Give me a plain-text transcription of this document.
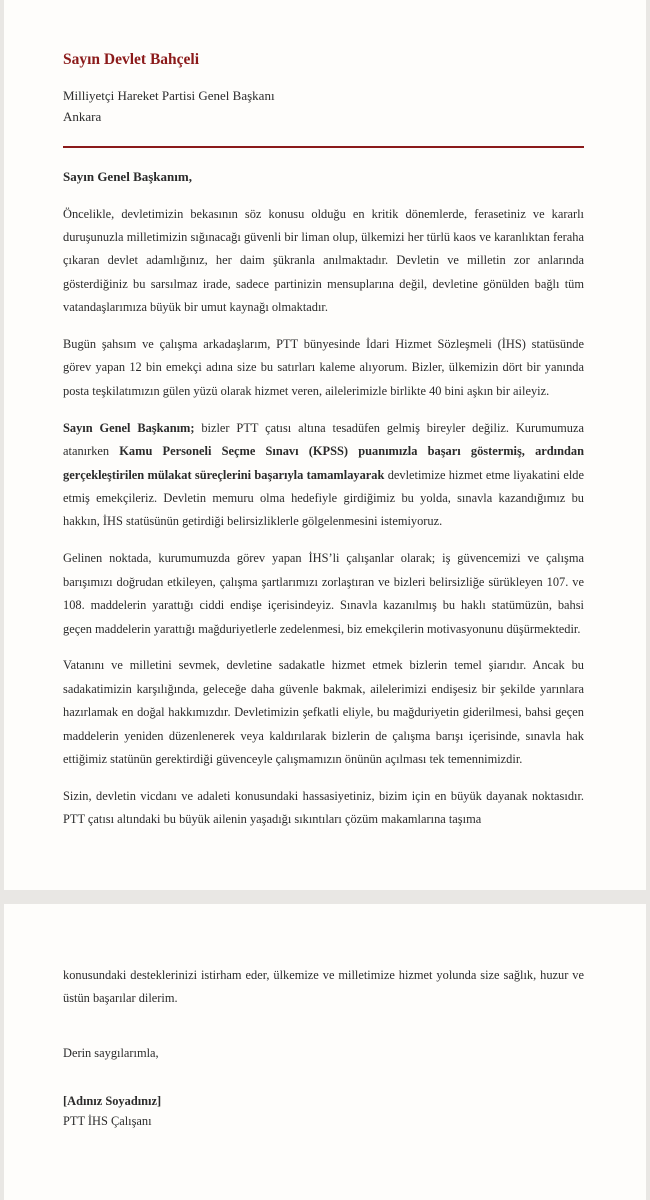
Sayın Devlet Bahçeli
Milliyetçi Hareket Partisi Genel Başkanı
Ankara
Sayın Genel Başkanım,

Öncelikle, devletimizin bekasının söz konusu olduğu en kritik dönemlerde, ferasetiniz ve kararlı duruşunuzla milletimizin sığınacağı güvenli bir liman olup, ülkemizi her türlü kaos ve karanlıktan feraha çıkaran devlet adamlığınız, her daim şükranla anılmaktadır. Devletin ve milletin zor anlarında gösterdiğiniz bu sarsılmaz irade, sadece partinizin mensuplarına değil, devletine gönülden bağlı tüm vatandaşlarımıza büyük bir umut kaynağı olmaktadır.

Bugün şahsım ve çalışma arkadaşlarım, PTT bünyesinde İdari Hizmet Sözleşmeli (İHS) statüsünde görev yapan 12 bin emekçi adına size bu satırları kaleme alıyorum. Bizler, ülkemizin dört bir yanında posta teşkilatımızın gülen yüzü olarak hizmet veren, ailelerimizle birlikte 40 bini aşkın bir aileyiz.

Sayın Genel Başkanım; bizler PTT çatısı altına tesadüfen gelmiş bireyler değiliz. Kurumumuza atanırken Kamu Personeli Seçme Sınavı (KPSS) puanımızla başarı göstermiş, ardından gerçekleştirilen mülakat süreçlerini başarıyla tamamlayarak devletimize hizmet etme liyakatini elde etmiş emekçileriz. Devletin memuru olma hedefiyle girdiğimiz bu yolda, sınavla kazandığımız bu hakkın, İHS statüsünün getirdiği belirsizliklerle gölgelenmesini istemiyoruz.

Gelinen noktada, kurumumuzda görev yapan İHS’li çalışanlar olarak; iş güvencemizi ve çalışma barışımızı doğrudan etkileyen, çalışma şartlarımızı zorlaştıran ve bizleri belirsizliğe sürükleyen 107. ve 108. maddelerin yarattığı ciddi endişe içerisindeyiz. Sınavla kazanılmış bu haklı statümüzün, bahsi geçen maddelerin yarattığı mağduriyetlerle zedelenmesi, biz emekçilerin motivasyonunu düşürmektedir.

Vatanını ve milletini sevmek, devletine sadakatle hizmet etmek bizlerin temel şiarıdır. Ancak bu sadakatimizin karşılığında, geleceğe daha güvenle bakmak, ailelerimizi endişesiz bir şekilde yarınlara hazırlamak en doğal hakkımızdır. Devletimizin şefkatli eliyle, bu mağduriyetin giderilmesi, bahsi geçen maddelerin yeniden düzenlenerek veya kaldırılarak bizlerin de çalışma barışı içerisinde, sınavla hak ettiğimiz statünün gerektirdiği güvenceyle çalışmamızın önünün açılması tek temennimizdir.

Sizin, devletin vicdanı ve adaleti konusundaki hassasiyetiniz, bizim için en büyük dayanak noktasıdır. PTT çatısı altındaki bu büyük ailenin yaşadığı sıkıntıları çözüm makamlarına taşıma

konusundaki desteklerinizi istirham eder, ülkemize ve milletimize hizmet yolunda size sağlık, huzur ve üstün başarılar dilerim.

Derin saygılarımla,
[Adınız Soyadınız]
PTT İHS Çalışanı
